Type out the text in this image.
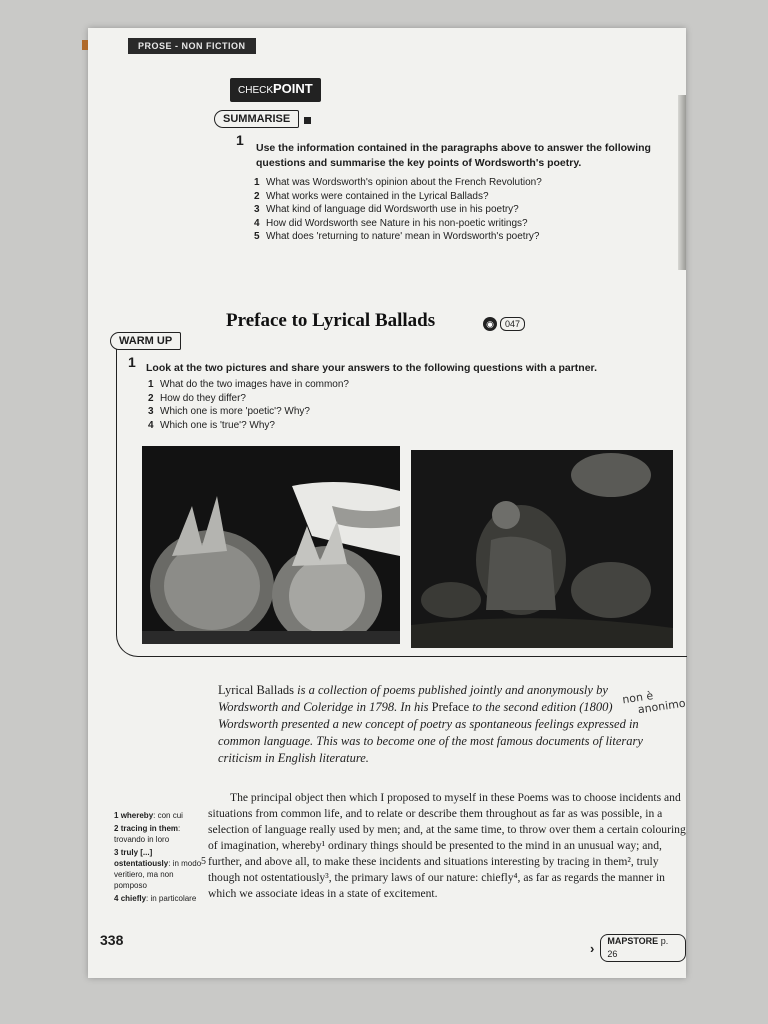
PROSE - NON FICTION
CHECKPOINT
SUMMARISE
1 Use the information contained in the paragraphs above to answer the following questions and summarise the key points of Wordsworth's poetry.
1 What was Wordsworth's opinion about the French Revolution?
2 What works were contained in the Lyrical Ballads?
3 What kind of language did Wordsworth use in his poetry?
4 How did Wordsworth see Nature in his non-poetic writings?
5 What does 'returning to nature' mean in Wordsworth's poetry?
Preface to Lyrical Ballads	◉	047
WARM UP
1 Look at the two pictures and share your answers to the following questions with a partner.
1 What do the two images have in common?
2 How do they differ?
3 Which one is more 'poetic'? Why?
4 Which one is 'true'? Why?
Lyrical Ballads is a collection of poems published jointly and anonymously by Wordsworth and Coleridge in 1798. In his Preface to the second edition (1800) Wordsworth presented a new concept of poetry as spontaneous feelings expressed in common language. This was to become one of the most famous documents of literary criticism in English literature.
non è
anonimo
1 whereby: con cui
2 tracing in them: trovando in loro
3 truly [...] ostentatiously: in modo veritiero, ma non pomposo
4 chiefly: in particolare
5
The principal object then which I proposed to myself in these Poems was to choose incidents and situations from common life, and to relate or describe them throughout as far as was possible, in a selection of language really used by men; and, at the same time, to throw over them a certain colouring of imagination, whereby¹ ordinary things should be presented to the mind in an unusual way; and, further, and above all, to make these incidents and situations interesting by tracing in them², truly though not ostentatiously³, the primary laws of our nature: chiefly⁴, as far as regards the manner in which we associate ideas in a state of excitement.
338	›	MAPSTORE p. 26
